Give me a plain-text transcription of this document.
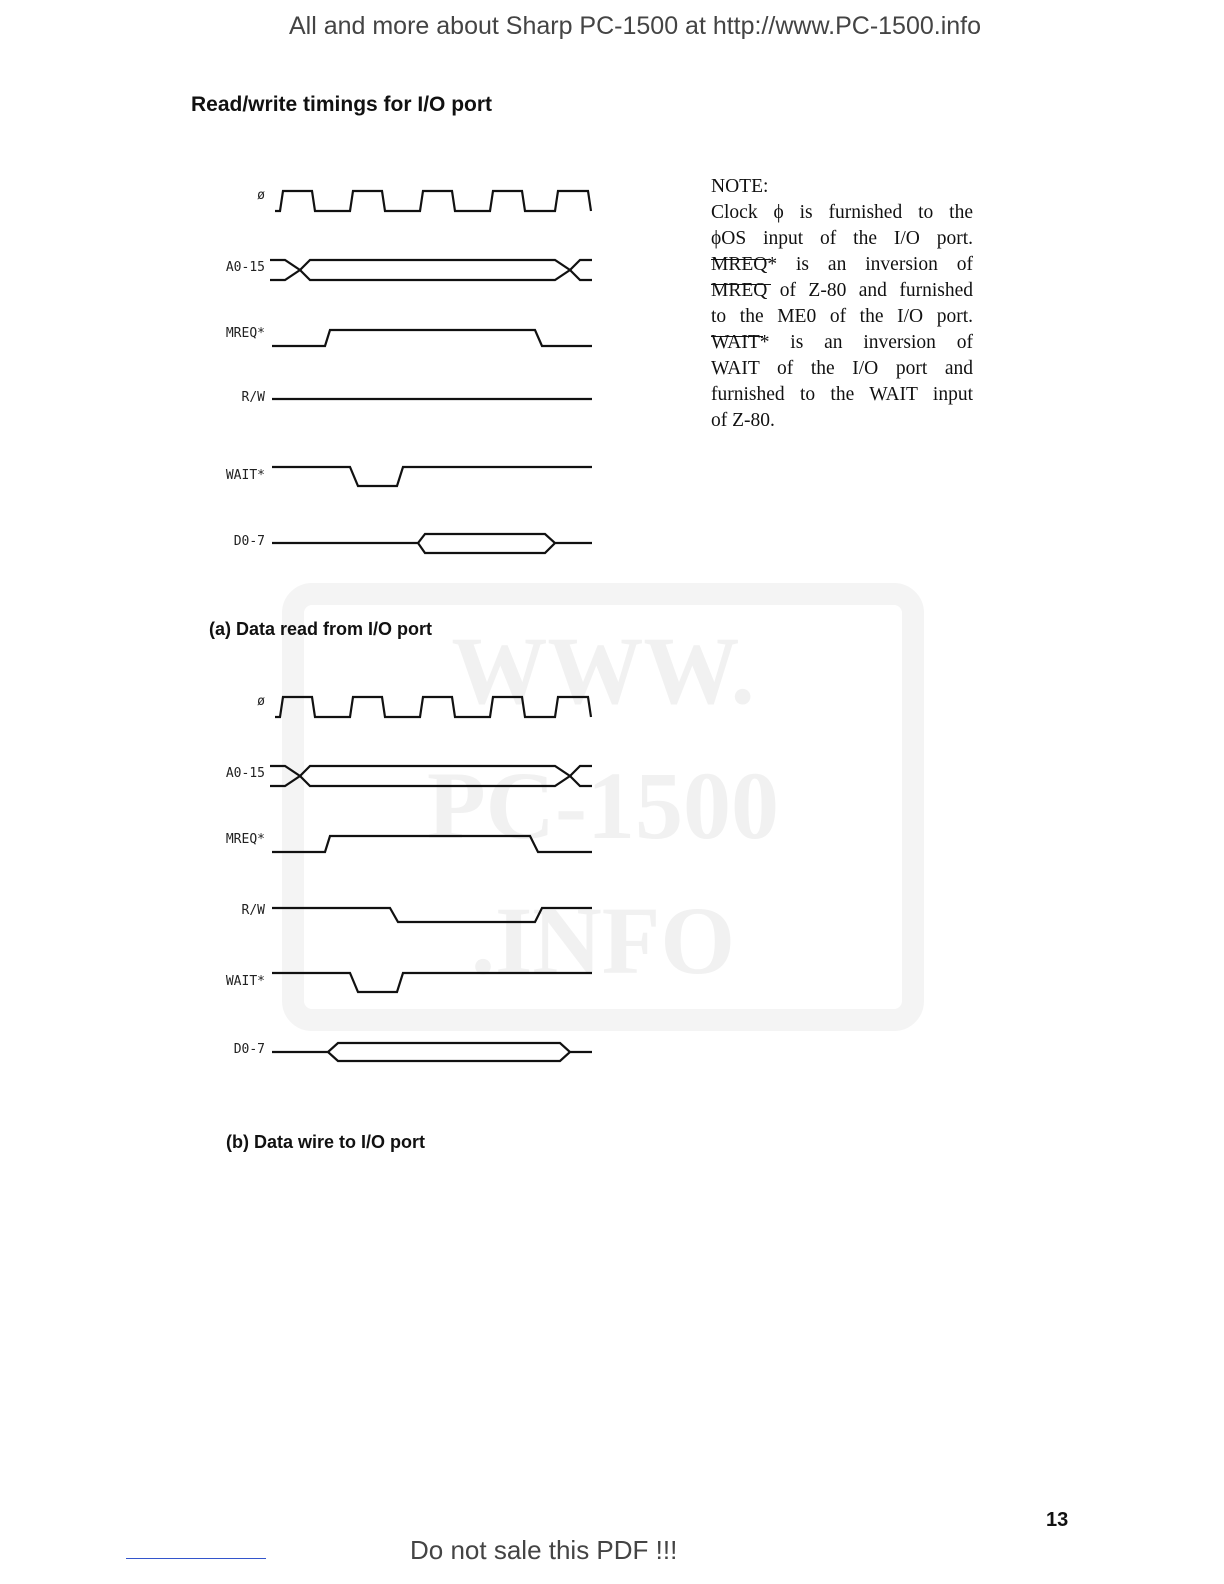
WWW.
PC-1500
.INFO
All and more about Sharp PC-1500 at http://www.PC-1500.info
Read/write timings for I/O port
ø
A0-15
MREQ*
R/W
WAIT*
D0-7
(a) Data read from I/O port
ø
A0-15
MREQ*
R/W
WAIT*
D0-7
(b) Data wire to I/O port
NOTE:
Clock ϕ is furnished to the
ϕOS input of the I/O port.
MREQ* is an inversion of
MREQ of Z-80 and furnished
to the ME0 of the I/O port.
WAIT* is an inversion of
WAIT of the I/O port and
furnished to the WAIT input
of Z-80.
13
Do not sale this PDF !!!
